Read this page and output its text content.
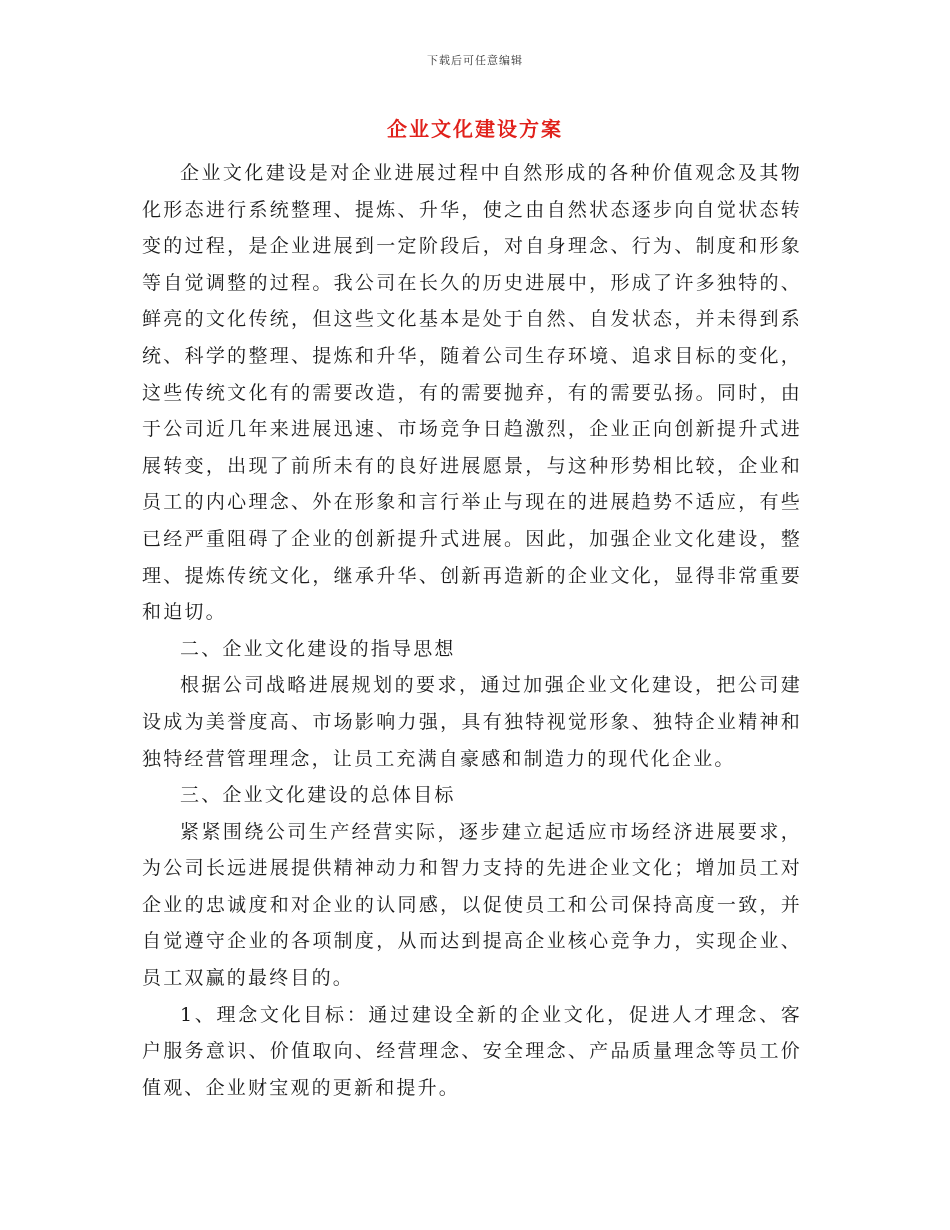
下载后可任意编辑
企业文化建设方案

企业文化建设是对企业进展过程中自然形成的各种价值观念及其物化形态进行系统整理、提炼、升华，使之由自然状态逐步向自觉状态转变的过程，是企业进展到一定阶段后，对自身理念、行为、制度和形象等自觉调整的过程。我公司在长久的历史进展中，形成了许多独特的、鲜亮的文化传统，但这些文化基本是处于自然、自发状态，并未得到系统、科学的整理、提炼和升华，随着公司生存环境、追求目标的变化，这些传统文化有的需要改造，有的需要抛弃，有的需要弘扬。同时，由于公司近几年来进展迅速、市场竞争日趋激烈，企业正向创新提升式进展转变，出现了前所未有的良好进展愿景，与这种形势相比较，企业和员工的内心理念、外在形象和言行举止与现在的进展趋势不适应，有些已经严重阻碍了企业的创新提升式进展。因此，加强企业文化建设，整理、提炼传统文化，继承升华、创新再造新的企业文化，显得非常重要和迫切。

二、企业文化建设的指导思想

根据公司战略进展规划的要求，通过加强企业文化建设，把公司建设成为美誉度高、市场影响力强，具有独特视觉形象、独特企业精神和独特经营管理理念，让员工充满自豪感和制造力的现代化企业。

三、企业文化建设的总体目标

紧紧围绕公司生产经营实际，逐步建立起适应市场经济进展要求，为公司长远进展提供精神动力和智力支持的先进企业文化；增加员工对企业的忠诚度和对企业的认同感，以促使员工和公司保持高度一致，并自觉遵守企业的各项制度，从而达到提高企业核心竞争力，实现企业、员工双赢的最终目的。

1、理念文化目标：通过建设全新的企业文化，促进人才理念、客户服务意识、价值取向、经营理念、安全理念、产品质量理念等员工价值观、企业财宝观的更新和提升。
